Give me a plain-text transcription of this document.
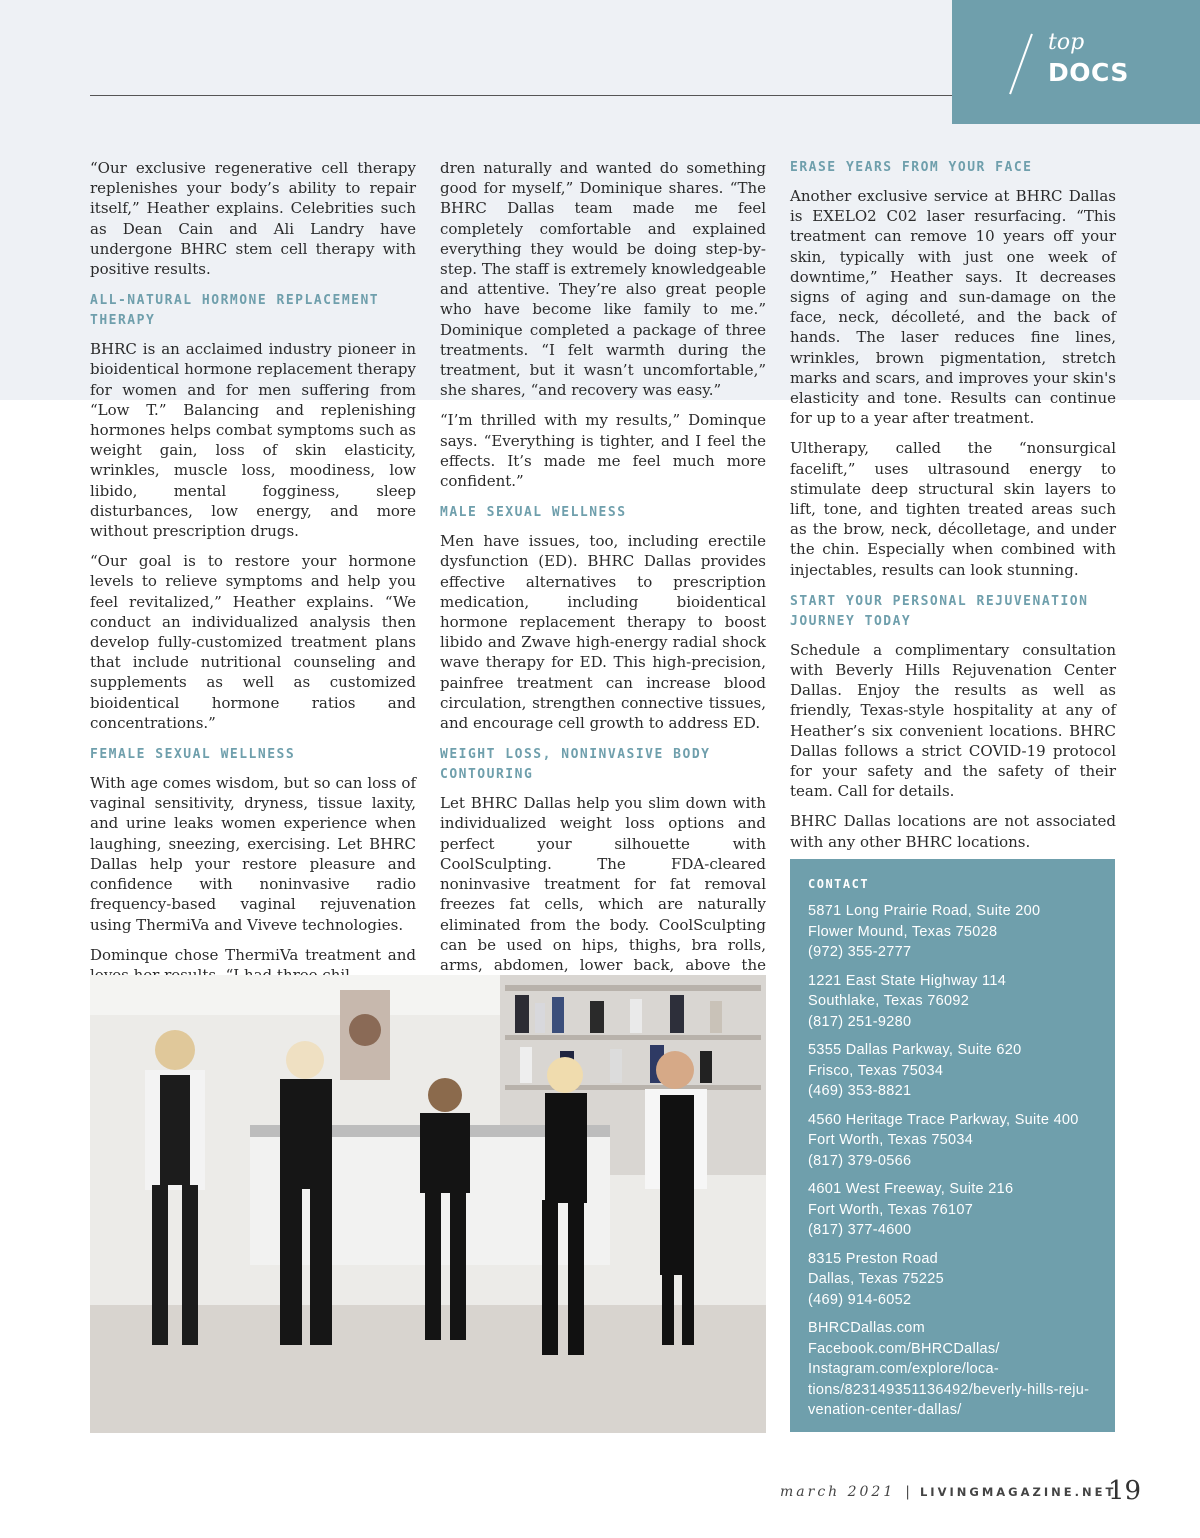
top
DOCS

“Our exclusive regenerative cell therapy replenishes your body’s ability to repair itself,” Heather explains. Celebrities such as Dean Cain and Ali Landry have undergone BHRC stem cell therapy with positive results.

ALL-NATURAL HORMONE REPLACEMENT THERAPY

BHRC is an acclaimed industry pioneer in bioidentical hormone replacement therapy for women and for men suffering from “Low T.” Balancing and replenishing hormones helps combat symptoms such as weight gain, loss of skin elasticity, wrinkles, muscle loss, moodiness, low libido, mental fogginess, sleep disturbances, low energy, and more without prescription drugs.

“Our goal is to restore your hormone levels to relieve symptoms and help you feel revitalized,” Heather explains. “We conduct an individualized analysis then develop fully-customized treatment plans that include nutritional counseling and supplements as well as customized bioidentical hormone ratios and concentrations.”

FEMALE SEXUAL WELLNESS

With age comes wisdom, but so can loss of vaginal sensitivity, dryness, tissue laxity, and urine leaks women experience when laughing, sneezing, exercising. Let BHRC Dallas help your restore pleasure and confidence with noninvasive radio frequency-based vaginal rejuvenation using ThermiVa and Viveve technologies.

Dominque chose ThermiVa treatment and

dren naturally and wanted do something good for myself,” Dominique shares. “The BHRC Dallas team made me feel completely comfortable and explained everything they would be doing step-by-step. The staff is extremely knowledgeable and attentive. They’re also great people who have become like family to me.” Dominique completed a package of three treatments. “I felt warmth during the treatment, but it wasn’t uncomfortable,” she shares, “and recovery was easy.”

“I’m thrilled with my results,” Dominque says. “Everything is tighter, and I feel the effects. It’s made me feel much more confident.”

MALE SEXUAL WELLNESS

Men have issues, too, including erectile dysfunction (ED). BHRC Dallas provides effective alternatives to prescription medication, including bioidentical hormone replacement therapy to boost libido and Zwave high-energy radial shock wave therapy for ED. This high-precision, painfree treatment can increase blood circulation, strengthen connective tissues, and encourage cell growth to address ED.

WEIGHT LOSS, NONINVASIVE BODY CONTOURING

Let BHRC Dallas help you slim down with individualized weight loss options and perfect your silhouette with CoolSculpting. The FDA-cleared noninvasive treatment for fat removal freezes fat cells, which are naturally eliminated from the body. CoolSculpting can be used on hips, thighs, bra rolls, arms, abdomen, lower back, above the

ERASE YEARS FROM YOUR FACE

Another exclusive service at BHRC Dallas is EXELO2 C02 laser resurfacing. “This treatment can remove 10 years off your skin, typically with just one week of downtime,” Heather says. It decreases signs of aging and sun-damage on the face, neck, décolleté, and the back of hands. The laser reduces fine lines, wrinkles, brown pigmentation, stretch marks and scars, and improves your skin's elasticity and tone. Results can continue for up to a year after treatment.

Ultherapy, called the “nonsurgical facelift,” uses ultrasound energy to stimulate deep structural skin layers to lift, tone, and tighten treated areas such as the brow, neck, décolletage, and under the chin. Especially when combined with injectables, results can look stunning.

START YOUR PERSONAL REJUVENATION JOURNEY TODAY

Schedule a complimentary consultation with Beverly Hills Rejuvenation Center Dallas. Enjoy the results as well as friendly, Texas-style hospitality at any of Heather’s six convenient locations. BHRC Dallas follows a strict COVID-19 protocol for your safety and the safety of their team. Call for details.

BHRC Dallas locations are not associated with any other BHRC locations.

CONTACT
5871 Long Prairie Road, Suite 200
Flower Mound, Texas 75028
(972) 355-2777
1221 East State Highway 114
Southlake, Texas 76092
(817) 251-9280
5355 Dallas Parkway, Suite 620
Frisco, Texas 75034
(469) 353-8821
4560 Heritage Trace Parkway, Suite 400
Fort Worth, Texas 75034
(817) 379-0566
4601 West Freeway, Suite 216
Fort Worth, Texas 76107
(817) 377-4600
8315 Preston Road
Dallas, Texas 75225
(469) 914-6052
BHRCDallas.com
Facebook.com/BHRCDallas/
Instagram.com/explore/loca-
tions/823149351136492/beverly-hills-reju-
venation-center-dallas/
march 2021 | LIVINGMAGAZINE.NET
19
